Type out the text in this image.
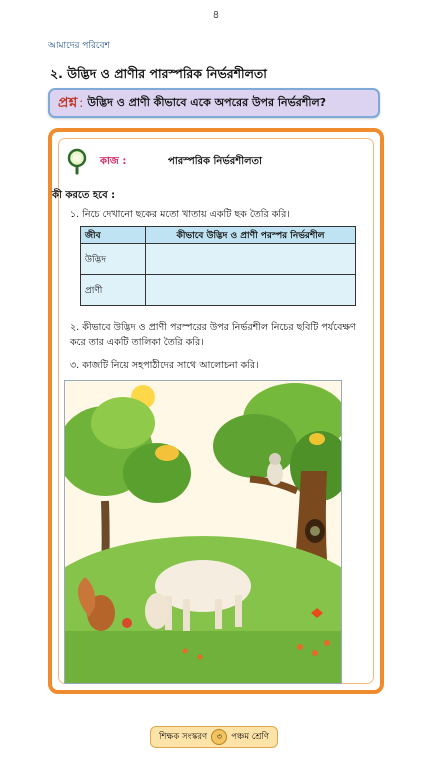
৪
আমাদের পরিবেশ
২. উদ্ভিদ ও প্রাণীর পারস্পরিক নির্ভরশীলতা
প্রশ্ন : উদ্ভিদ ও প্রাণী কীভাবে একে অপরের উপর নির্ভরশীল?
কাজ :	পারস্পরিক নির্ভরশীলতা
কী করতে হবে :
১. নিচে দেখানো ছকের মতো খাতায় একটি ছক তৈরি করি।
জীব	কীভাবে উদ্ভিদ ও প্রাণী পরস্পর নির্ভরশীল
উদ্ভিদ	
প্রাণী	
২. কীভাবে উদ্ভিদ ও প্রাণী পরস্পরের উপর নির্ভরশীল নিচের ছবিটি পর্যবেক্ষণ করে তার একটি তালিকা তৈরি করি।
৩. কাজটি নিয়ে সহপাঠীদের সাথে আলোচনা করি।
শিক্ষক সংস্করণ	৩	পঞ্চম শ্রেণি
